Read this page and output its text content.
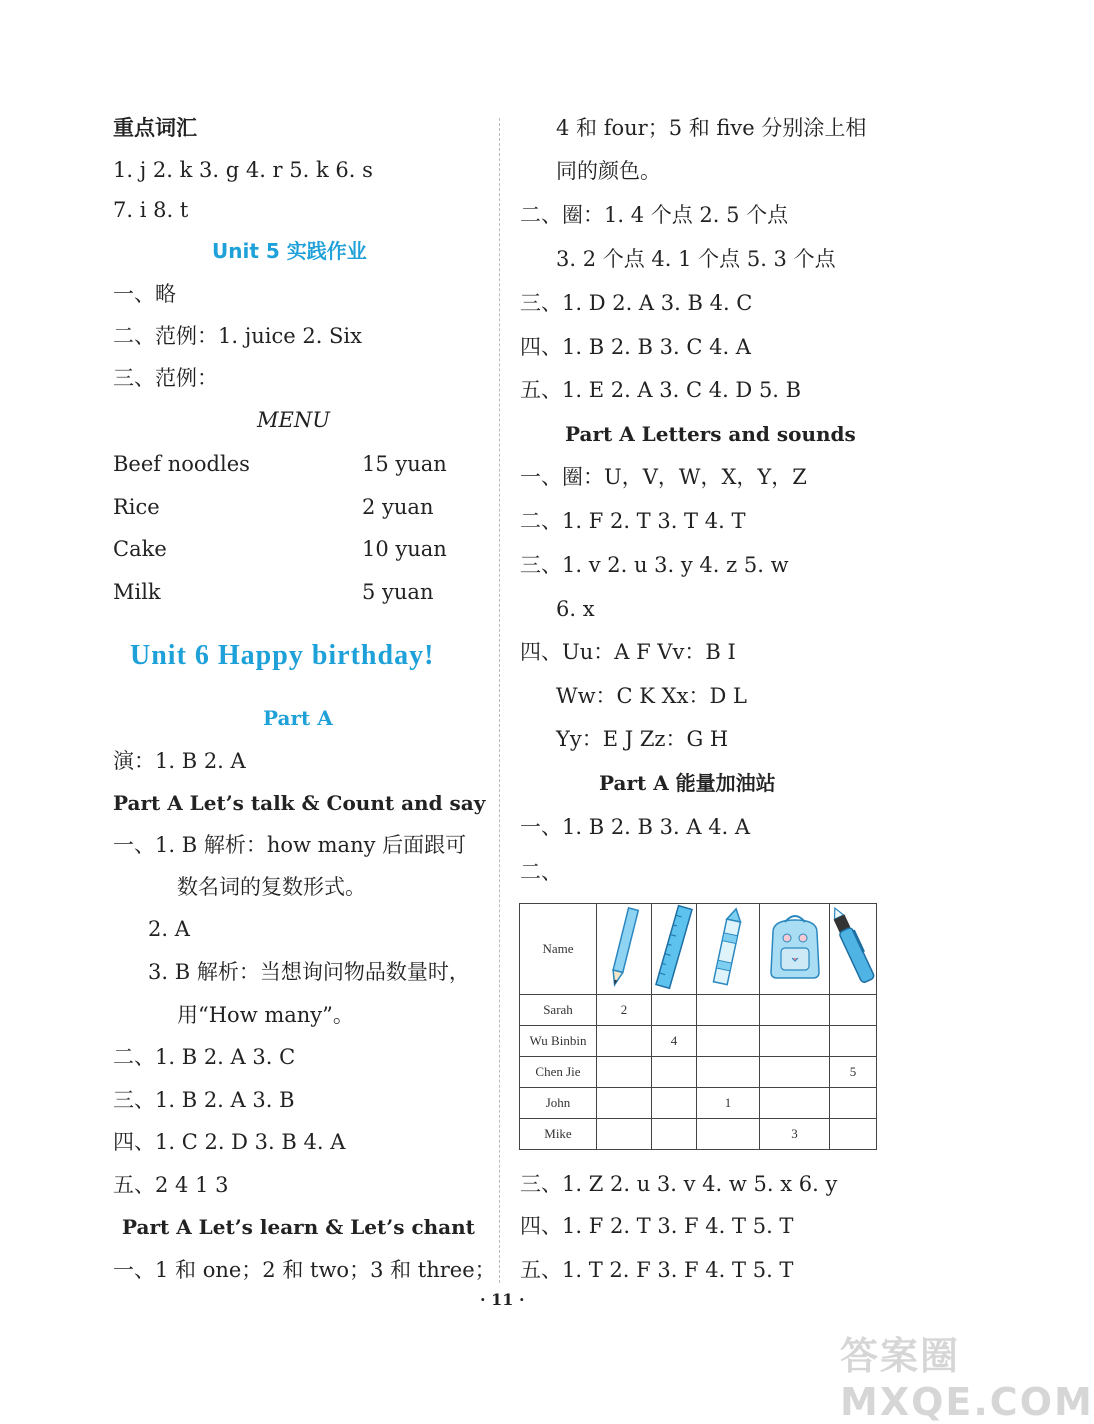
重点词汇
1. j 2. k 3. g 4. r 5. k 6. s
7. i 8. t
Unit 5 实践作业
一、略
二、范例：1. juice 2. Six
三、范例：
MENU
Beef noodles	15 yuan
Rice	2 yuan
Cake	10 yuan
Milk	5 yuan
Unit 6 Happy birthday!
Part A
演：1. B 2. A
Part A Let’s talk & Count and say
一、1. B 解析：how many 后面跟可
数名词的复数形式。
2. A
3. B 解析：当想询问物品数量时，
用“How many”。
二、1. B 2. A 3. C
三、1. B 2. A 3. B
四、1. C 2. D 3. B 4. A
五、2 4 1 3
Part A Let’s learn & Let’s chant
一、1 和 one；2 和 two；3 和 three；
4 和 four；5 和 five 分别涂上相
同的颜色。
二、圈：1. 4 个点 2. 5 个点
3. 2 个点 4. 1 个点 5. 3 个点
三、1. D 2. A 3. B 4. C
四、1. B 2. B 3. C 4. A
五、1. E 2. A 3. C 4. D 5. B
Part A Letters and sounds
一、圈：U，V，W，X，Y，Z
二、1. F 2. T 3. T 4. T
三、1. v 2. u 3. y 4. z 5. w
6. x
四、Uu：A F Vv：B I
Ww：C K Xx：D L
Yy：E J Zz：G H
Part A 能量加油站
一、1. B 2. B 3. A 4. A
二、
Name					
Sarah	2				
Wu Binbin		4			
Chen Jie					5
John			1		
Mike				3	
三、1. Z 2. u 3. v 4. w 5. x 6. y
四、1. F 2. T 3. F 4. T 5. T
五、1. T 2. F 3. F 4. T 5. T
· 11 ·
答案圈 MXQE.COM
